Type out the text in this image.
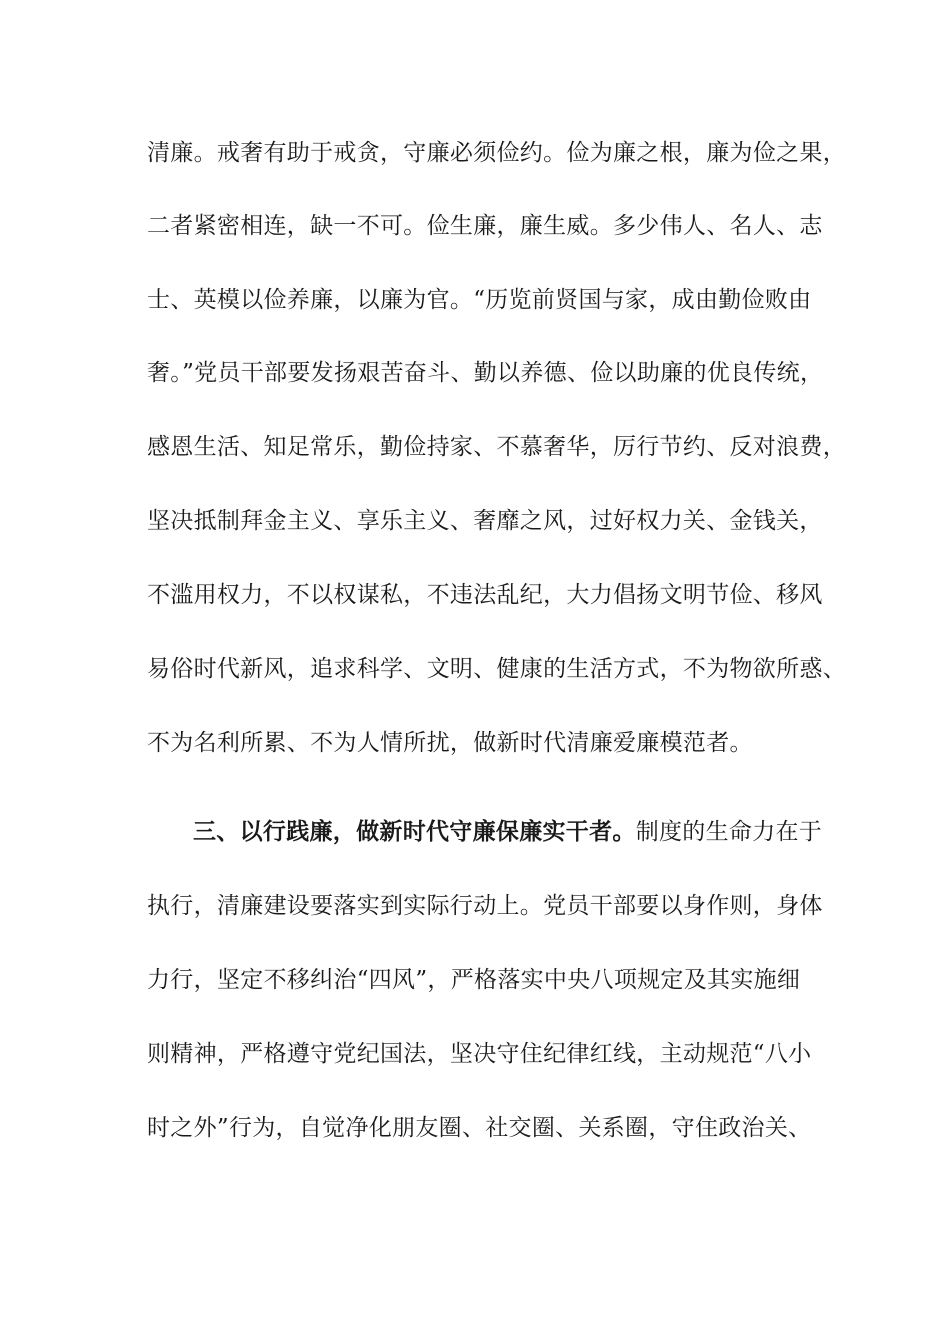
清廉。戒奢有助于戒贪，守廉必须俭约。俭为廉之根，廉为俭之果，
二者紧密相连，缺一不可。俭生廉，廉生威。多少伟人、名人、志
士、英模以俭养廉，以廉为官。“历览前贤国与家，成由勤俭败由
奢。”党员干部要发扬艰苦奋斗、勤以养德、俭以助廉的优良传统，
感恩生活、知足常乐，勤俭持家、不慕奢华，厉行节约、反对浪费，
坚决抵制拜金主义、享乐主义、奢靡之风，过好权力关、金钱关，
不滥用权力，不以权谋私，不违法乱纪，大力倡扬文明节俭、移风
易俗时代新风，追求科学、文明、健康的生活方式，不为物欲所惑、
不为名利所累、不为人情所扰，做新时代清廉爱廉模范者。
三、以行践廉，做新时代守廉保廉实干者。制度的生命力在于
执行，清廉建设要落实到实际行动上。党员干部要以身作则，身体
力行，坚定不移纠治“四风”，严格落实中央八项规定及其实施细
则精神，严格遵守党纪国法，坚决守住纪律红线，主动规范“八小
时之外”行为，自觉净化朋友圈、社交圈、关系圈，守住政治关、
